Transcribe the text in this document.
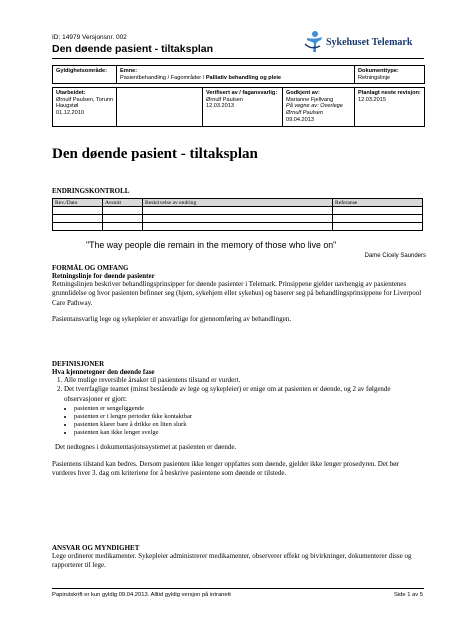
ID: 14979 Versjonsnr. 002
Den døende pasient - tiltaksplan
Sykehuset Telemark
Gyldighetsområde:	Emne:
Pasientbehandling / Fagområder / Palliativ behandling og pleie	
Dokumenttype:
Retningslinje
Utarbeidet:
Ørnulf Paulsen, Torunn
Haugstøl
01.12.2010

Verifisert av / fagansvarlig:
Ørnulf Paulsen
12.03.2013

Godkjent av:
Marianne Fjellvang
På vegne av: Overlege Ørnulf Paulsen
09.04.2013

Planlagt neste revisjon:
12.03.2015
Den døende pasient - tiltaksplan
ENDRINGSKONTROLL
Rev./Dato	Avsnitt	Beskrivelse av endring	Referanse

"The way people die remain in the memory of those who live on"
Dame Cicely Saunders
FORMÅL OG OMFANG
Retningslinje for døende pasienter
Retningslinjen beskriver behandlingsprinsipper for døende pasienter i Telemark. Prinsippene gjelder uavhengig av pasientenes grunnlidelse og hvor pasienten befinner seg (hjem, sykehjem eller sykehus) og baserer seg på behandlingsprinsippene for Liverpool Care Pathway.
Pasientansvarlig lege og sykepleier er ansvarlige for gjennomføring av behandlingen.
DEFINISJONER
Hva kjennetegner den døende fase
1. Alle mulige reversible årsaker til pasientens tilstand er vurdert.
2. Det tverrfaglige teamet (minst bestående av lege og sykepleier) er enige om at pasienten er døende, og 2 av følgende observasjoner er gjort:
• pasienten er sengeliggende
• pasienten er i lengre perioder ikke kontaktbar
• pasienten klarer bare å drikke en liten slurk
• pasienten kan ikke lenger svelge
Det nedtegnes i dokumentasjonssystemet at pasienten er døende.
Pasientens tilstand kan bedres. Dersom pasienten ikke lenger oppfattes som døende, gjelder ikke lenger prosedyren. Det bør vurderes hver 3. dag om kriteriene for å beskrive pasientene som døende er tilstede.
ANSVAR OG MYNDIGHET
Lege ordinerer medikamenter. Sykepleier administrerer medikamenter, observerer effekt og bivirkninger, dokumenterer disse og rapporterer til lege.
Papirutskrift er kun gyldig 09.04.2013. Alltid gyldig versjon på intranett	Side 1 av 5
